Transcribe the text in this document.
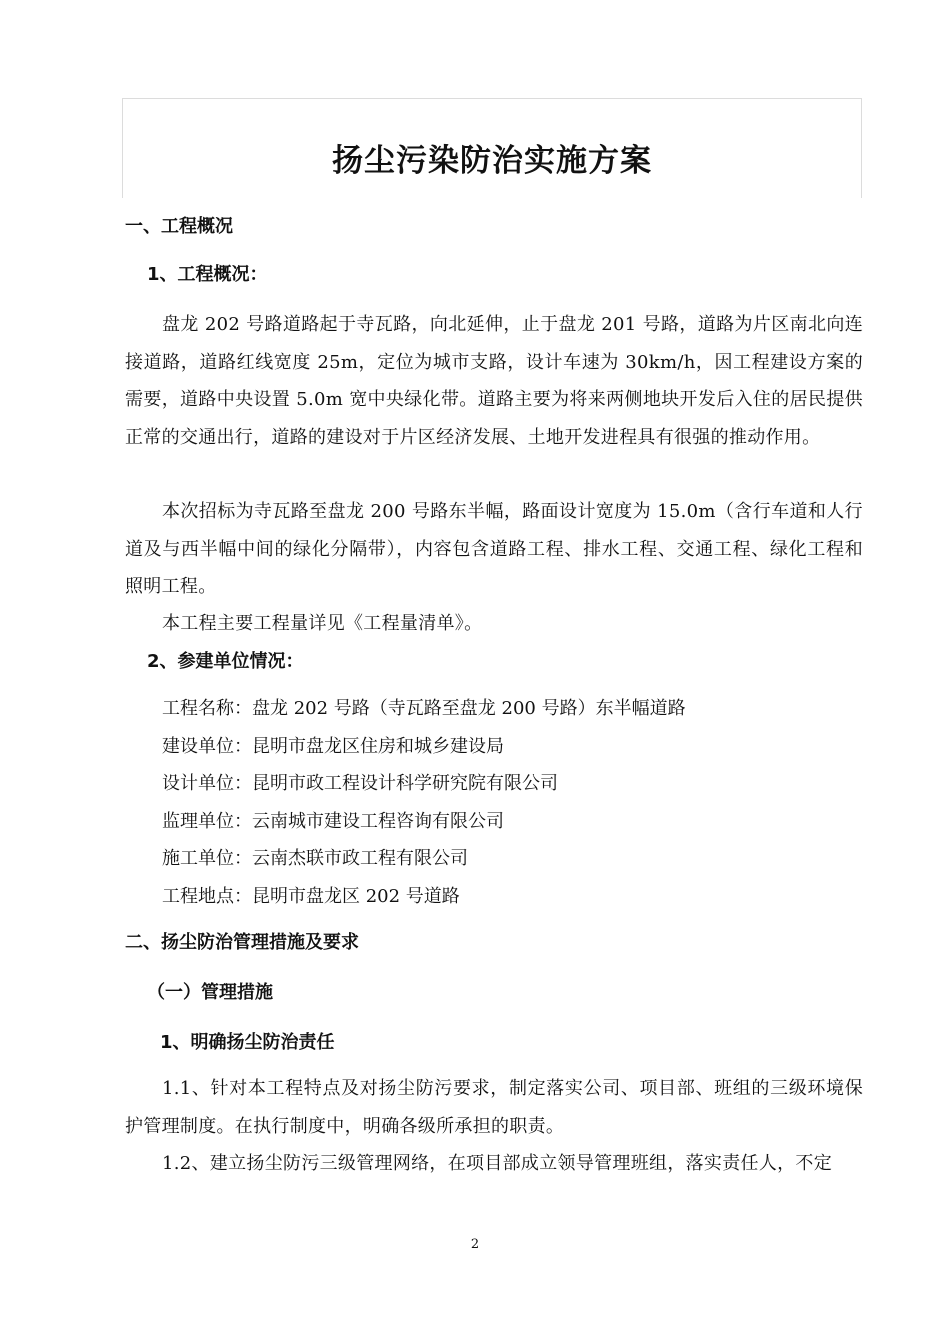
扬尘污染防治实施方案
一、工程概况
1、工程概况：

盘龙 202 号路道路起于寺瓦路，向北延伸，止于盘龙 201 号路，道路为片区南北向连接道路，道路红线宽度 25m，定位为城市支路，设计车速为 30km/h，因工程建设方案的需要，道路中央设置 5.0m 宽中央绿化带。道路主要为将来两侧地块开发后入住的居民提供正常的交通出行，道路的建设对于片区经济发展、土地开发进程具有很强的推动作用。

本次招标为寺瓦路至盘龙 200 号路东半幅，路面设计宽度为 15.0m（含行车道和人行道及与西半幅中间的绿化分隔带），内容包含道路工程、排水工程、交通工程、绿化工程和照明工程。

本工程主要工程量详见《工程量清单》。

2、参建单位情况：
工程名称：盘龙 202 号路（寺瓦路至盘龙 200 号路）东半幅道路
建设单位：昆明市盘龙区住房和城乡建设局
设计单位：昆明市政工程设计科学研究院有限公司
监理单位：云南城市建设工程咨询有限公司
施工单位：云南杰联市政工程有限公司
工程地点：昆明市盘龙区 202 号道路
二、扬尘防治管理措施及要求
（一）管理措施
1、明确扬尘防治责任

1.1、针对本工程特点及对扬尘防污要求，制定落实公司、项目部、班组的三级环境保护管理制度。在执行制度中，明确各级所承担的职责。

1.2、建立扬尘防污三级管理网络，在项目部成立领导管理班组，落实责任人，不定

2
